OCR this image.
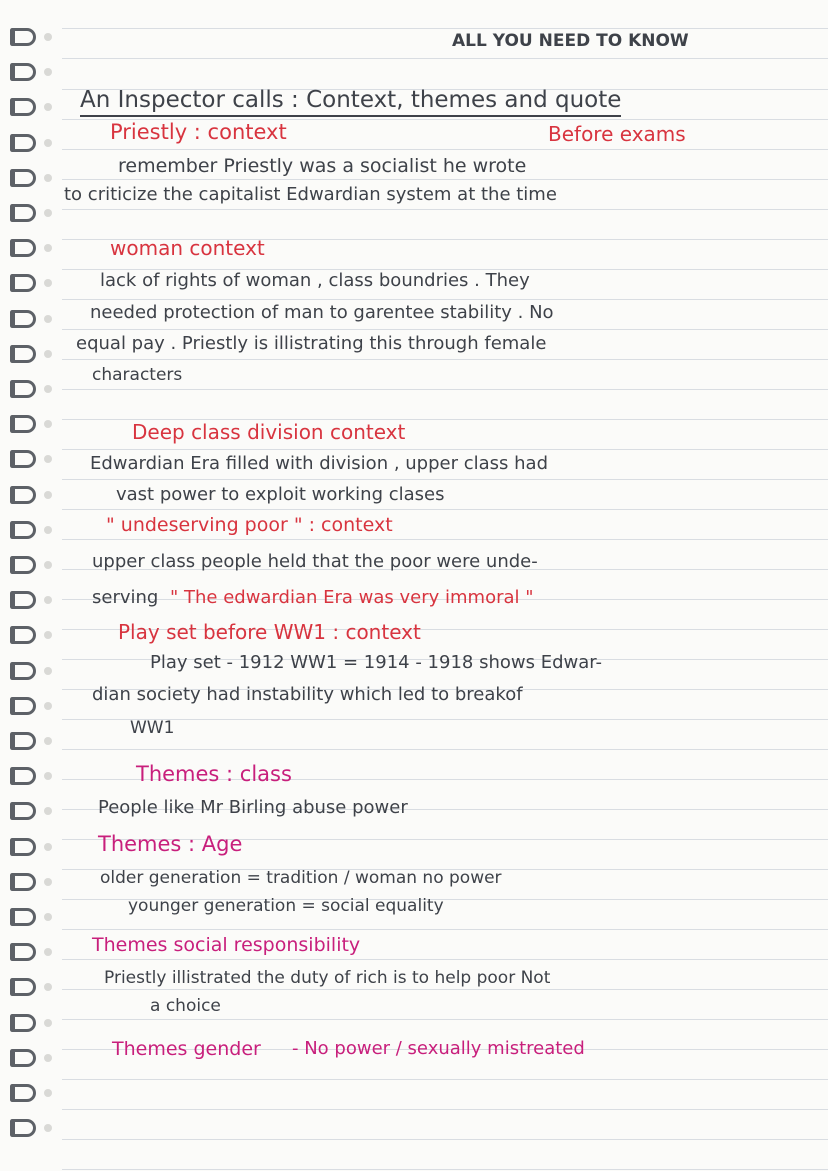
ALL YOU NEED TO KNOW
An Inspector calls : Context, themes and quote
Priestly : context	Before exams
remember Priestly was a socialist he wrote
to criticize the capitalist Edwardian system at the time
woman context
lack of rights of woman , class boundries . They
needed protection of man to garentee stability . No
equal pay . Priestly is illistrating this through female
characters
Deep class division context
Edwardian Era filled with division , upper class had
vast power to exploit working clases
" undeserving poor " : context
upper class people held that the poor were unde-
serving " The edwardian Era was very immoral "
Play set before WW1 : context
Play set - 1912 WW1 = 1914 - 1918 shows Edwar-
dian society had instability which led to breakof
WW1
Themes : class
People like Mr Birling abuse power
Themes : Age
older generation = tradition / woman no power
younger generation = social equality
Themes social responsibility
Priestly illistrated the duty of rich is to help poor Not
a choice
Themes gender - No power / sexually mistreated
